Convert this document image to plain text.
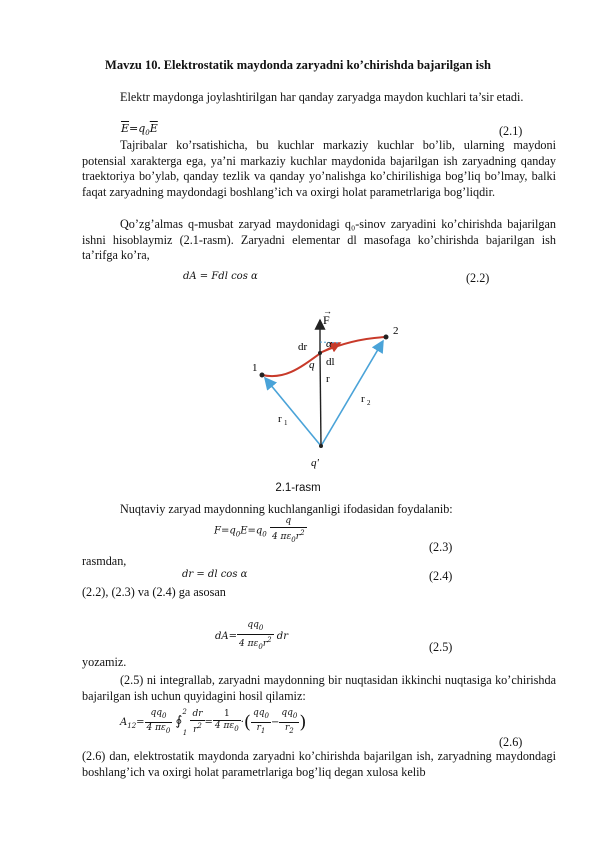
Mavzu 10. Elektrostatik maydonda zaryadni ko’chirishda bajarilgan ish

Elektr maydonga joylashtirilgan har qanday zaryadga maydon kuchlari ta’sir etadi.

$\overline{E}=q_0\overline{E}$	(2.1)

Tajribalar ko’rsatishicha, bu kuchlar markaziy kuchlar bo’lib, ularning maydoni potensial xarakterga ega, ya’ni markaziy kuchlar maydonida bajarilgan ish zaryadning qanday traektoriya bo’ylab, qanday tezlik va qanday yo’nalishga ko’chirilishiga bog’liq bo’lmay, balki faqat zaryadning maydondagi boshlang’ich va oxirgi holat parametrlariga bog’liqdir.

Qo’zg’almas q-musbat zaryad maydonidagi q₀-sinov zaryadini ko’chirishda bajarilgan ishni hisoblaymiz (2.1-rasm). Zaryadni elementar dl masofaga ko’chirishda bajarilgan ish ta’rifga ko’ra,

dA = Fdl cos α	(2.2)
F
→
dr α
dl
q
r
1
2
r 1
r 2
q'
2.1-rasm

Nuqtaviy zaryad maydonning kuchlanganligi ifodasidan foydalanib:

$F=q_0E=q_0 \frac{q}{4 \pi\varepsilon_0r^2}$
(2.3)
rasmdan,
dr = dl cos α	(2.4)
(2.2), (2.3) va (2.4) ga asosan
$dA= \frac{qq_0}{4 \pi\varepsilon_0r^2}$ dr
(2.5)
yozamiz.

(2.5) ni integrallab, zaryadni maydonning bir nuqtasidan ikkinchi nuqtasiga ko’chirishda bajarilgan ish uchun quyidagini hosil qilamiz:

$A_{12}= \frac{qq_0}{4 \pi\varepsilon_0}$ ∮$^2$1 $\frac{dr}{r^2} = \frac{1}{4 \pi\varepsilon_0}$ ·( $\frac{qq_0}{r_1} - \frac{qq_0}{r_2}$ )
(2.6)

(2.6) dan, elektrostatik maydonda zaryadni ko’chirishda bajarilgan ish, zaryadning maydondagi boshlang’ich va oxirgi holat parametrlariga bog’liq degan xulosa kelib
